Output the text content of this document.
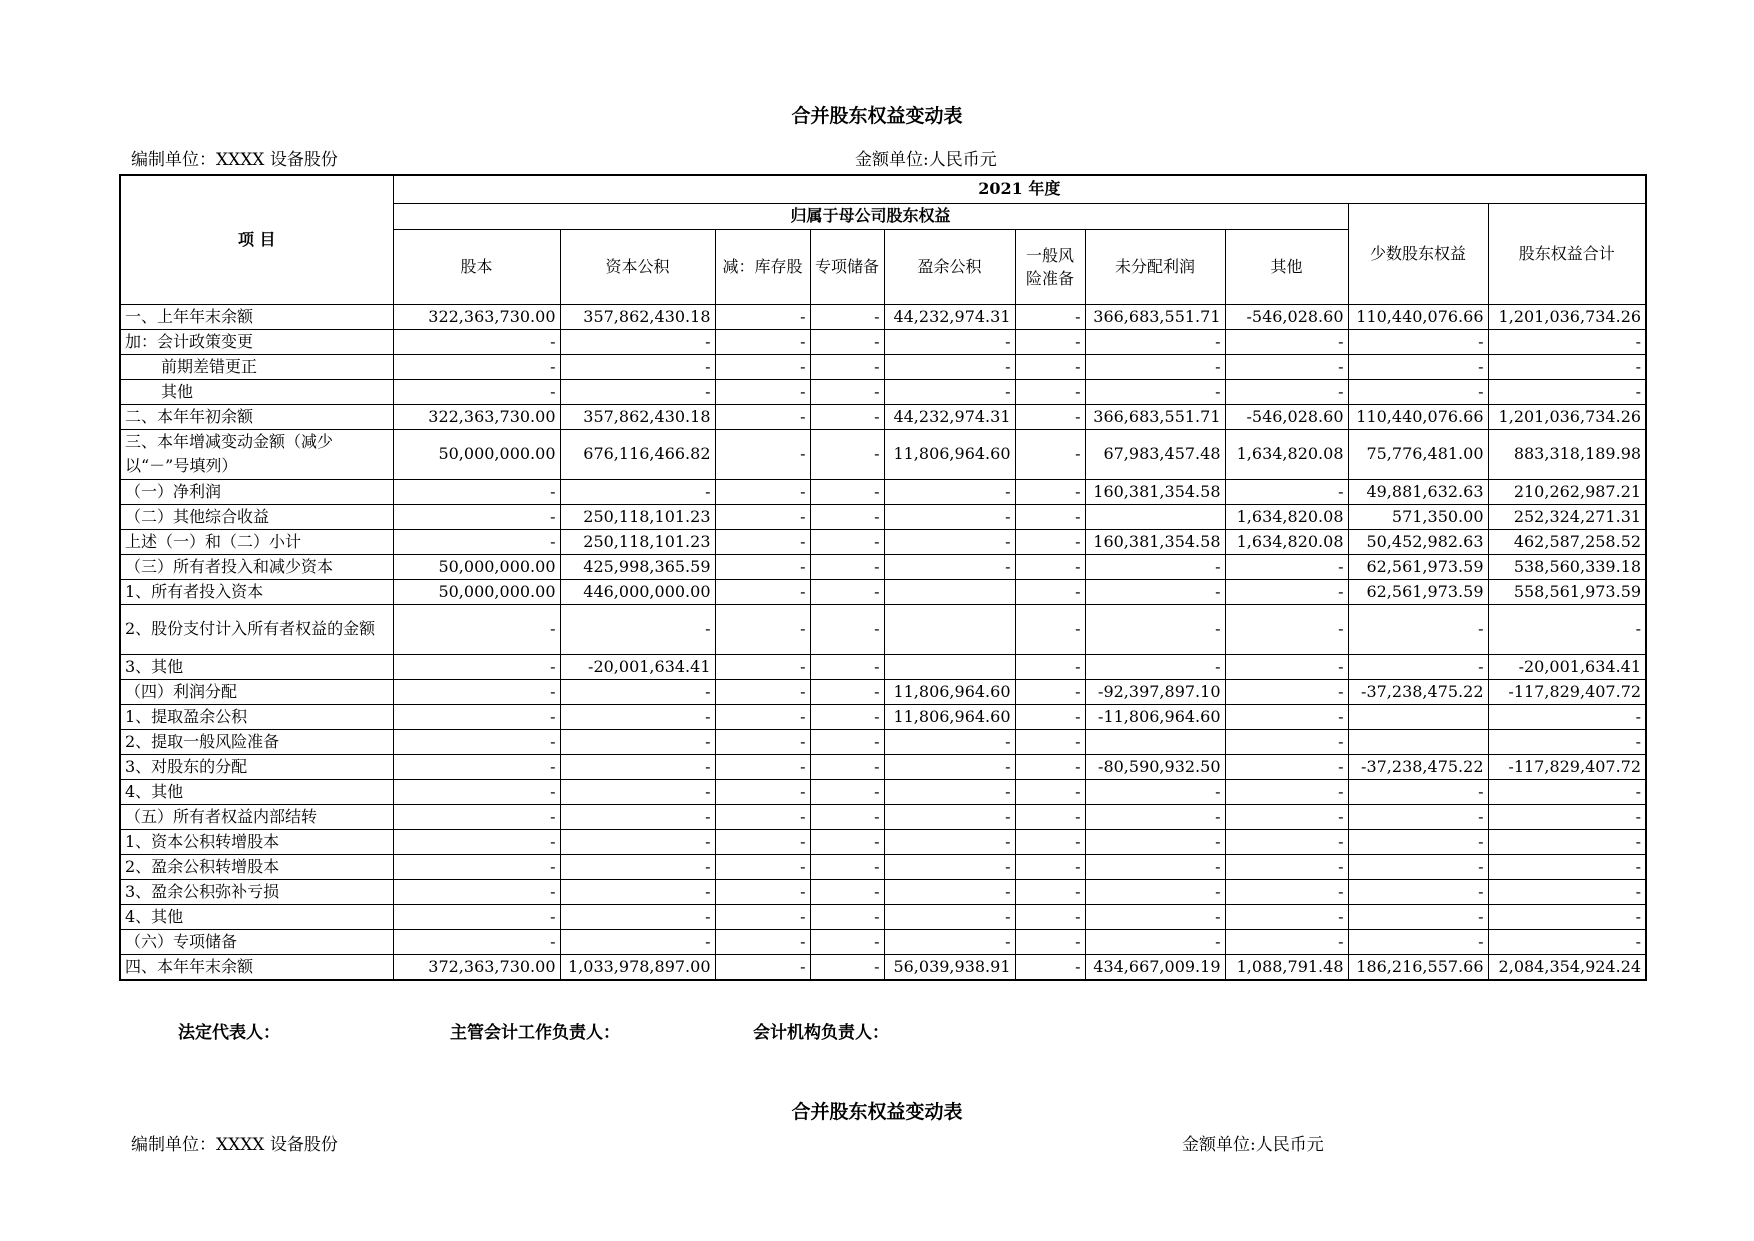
合并股东权益变动表
编制单位：XXXX 设备股份	金额单位:人民币元
项 目	2021 年度									
	归属于母公司股东权益								少数股东权益	股东权益合计
	股本	资本公积	减：库存股	专项储备	盈余公积	一般风险准备	未分配利润	其他		
一、上年年末余额	322,363,730.00	357,862,430.18	-	-	44,232,974.31	-	366,683,551.71	-546,028.60	110,440,076.66	1,201,036,734.26
加：会计政策变更	-	-	-	-	-	-	-	-	-	-
前期差错更正	-	-	-	-	-	-	-	-	-	-
其他	-	-	-	-	-	-	-	-	-	-
二、本年年初余额	322,363,730.00	357,862,430.18	-	-	44,232,974.31	-	366,683,551.71	-546,028.60	110,440,076.66	1,201,036,734.26
三、本年增减变动金额（减少以“－”号填列）	50,000,000.00	676,116,466.82	-	-	11,806,964.60	-	67,983,457.48	1,634,820.08	75,776,481.00	883,318,189.98
（一）净利润	-	-	-	-	-	-	160,381,354.58	-	49,881,632.63	210,262,987.21
（二）其他综合收益	-	250,118,101.23	-	-	-	-		1,634,820.08	571,350.00	252,324,271.31
上述（一）和（二）小计	-	250,118,101.23	-	-	-	-	160,381,354.58	1,634,820.08	50,452,982.63	462,587,258.52
（三）所有者投入和减少资本	50,000,000.00	425,998,365.59	-	-	-	-	-	-	62,561,973.59	538,560,339.18
1、所有者投入资本	50,000,000.00	446,000,000.00	-	-		-	-	-	62,561,973.59	558,561,973.59
2、股份支付计入所有者权益的金额	-	-	-	-		-	-	-	-	-
3、其他	-	-20,001,634.41	-	-		-	-	-	-	-20,001,634.41
（四）利润分配	-	-	-	-	11,806,964.60	-	-92,397,897.10	-	-37,238,475.22	-117,829,407.72
1、提取盈余公积	-	-	-	-	11,806,964.60	-	-11,806,964.60	-		-
2、提取一般风险准备	-	-	-	-	-	-		-		-
3、对股东的分配	-	-	-	-	-	-	-80,590,932.50	-	-37,238,475.22	-117,829,407.72
4、其他	-	-	-	-	-	-	-	-	-	-
（五）所有者权益内部结转	-	-	-	-	-	-	-	-	-	-
1、资本公积转增股本	-	-	-	-	-	-	-	-	-	-
2、盈余公积转增股本	-	-	-	-	-	-	-	-	-	-
3、盈余公积弥补亏损	-	-	-	-	-	-	-	-	-	-
4、其他	-	-	-	-	-	-	-	-	-	-
（六）专项储备	-	-	-	-	-	-	-	-	-	-
四、本年年末余额	372,363,730.00	1,033,978,897.00	-	-	56,039,938.91	-	434,667,009.19	1,088,791.48	186,216,557.66	2,084,354,924.24
法定代表人：	主管会计工作负责人：	会计机构负责人：
合并股东权益变动表
编制单位：XXXX 设备股份	金额单位:人民币元
